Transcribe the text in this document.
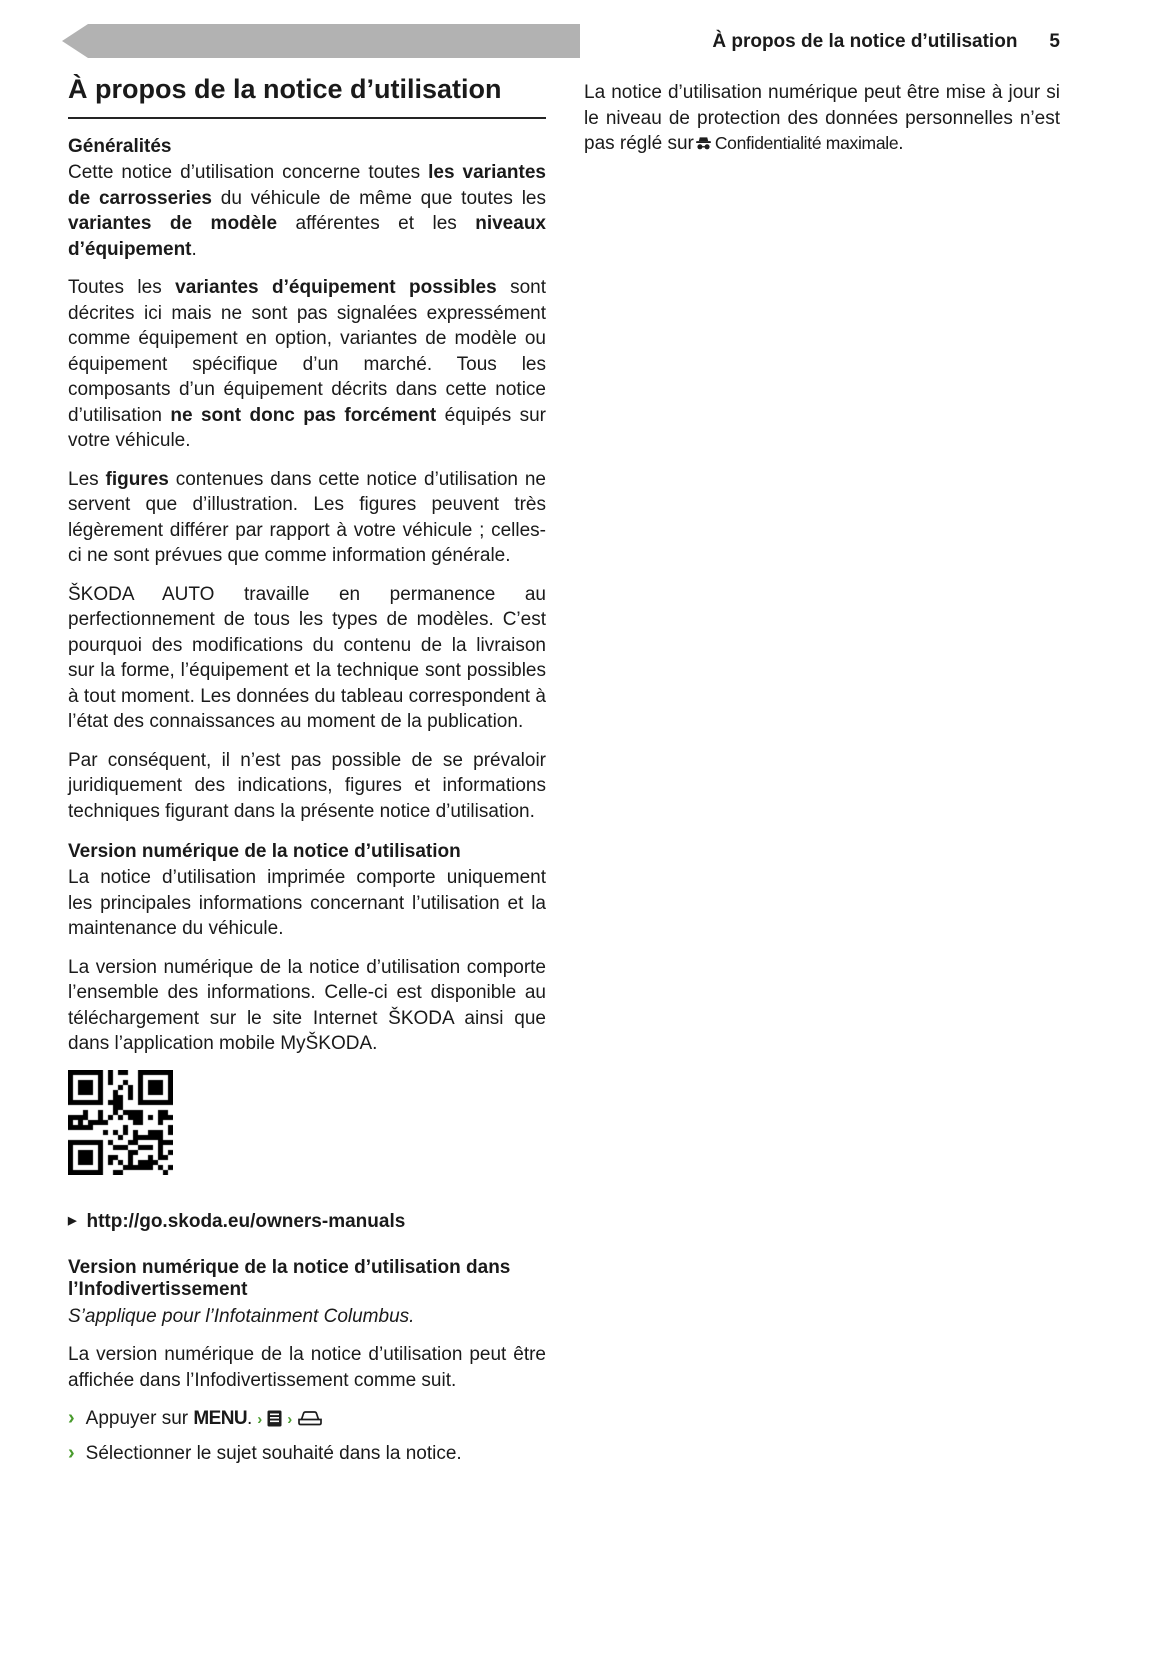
À propos de la notice d’utilisation 5
À propos de la notice d’utilisation
Généralités

Cette notice d’utilisation concerne toutes les variantes de carrosseries du véhicule de même que toutes les variantes de modèle afférentes et les niveaux d’équipement.

Toutes les variantes d’équipement possibles sont décrites ici mais ne sont pas signalées expressément comme équipement en option, variantes de modèle ou équipement spécifique d’un marché. Tous les composants d’un équipement décrits dans cette notice d’utilisation ne sont donc pas forcément équipés sur votre véhicule.

Les figures contenues dans cette notice d’utilisation ne servent que d’illustration. Les figures peuvent très légèrement différer par rapport à votre véhicule ; celles-ci ne sont prévues que comme information générale.

ŠKODA AUTO travaille en permanence au perfectionnement de tous les types de modèles. C’est pourquoi des modifications du contenu de la livraison sur la forme, l’équipement et la technique sont possibles à tout moment. Les données du tableau correspondent à l’état des connaissances au moment de la publication.

Par conséquent, il n’est pas possible de se prévaloir juridiquement des indications, figures et informations techniques figurant dans la présente notice d’utilisation.

Version numérique de la notice d’utilisation

La notice d’utilisation imprimée comporte uniquement les principales informations concernant l’utilisation et la maintenance du véhicule.

La version numérique de la notice d’utilisation comporte l’ensemble des informations. Celle-ci est disponible au téléchargement sur le site Internet ŠKODA ainsi que dans l’application mobile MyŠKODA.

▶ http://go.skoda.eu/owners-manuals
Version numérique de la notice d’utilisation dans l’Infodivertissement

S’applique pour l’Infotainment Columbus.

La version numérique de la notice d’utilisation peut être affichée dans l’Infodivertissement comme suit.

› Appuyer sur MENU. › ›
› Sélectionner le sujet souhaité dans la notice.

La notice d’utilisation numérique peut être mise à jour si le niveau de protection des données personnelles n’est pas réglé sur Confidentialité maximale.
